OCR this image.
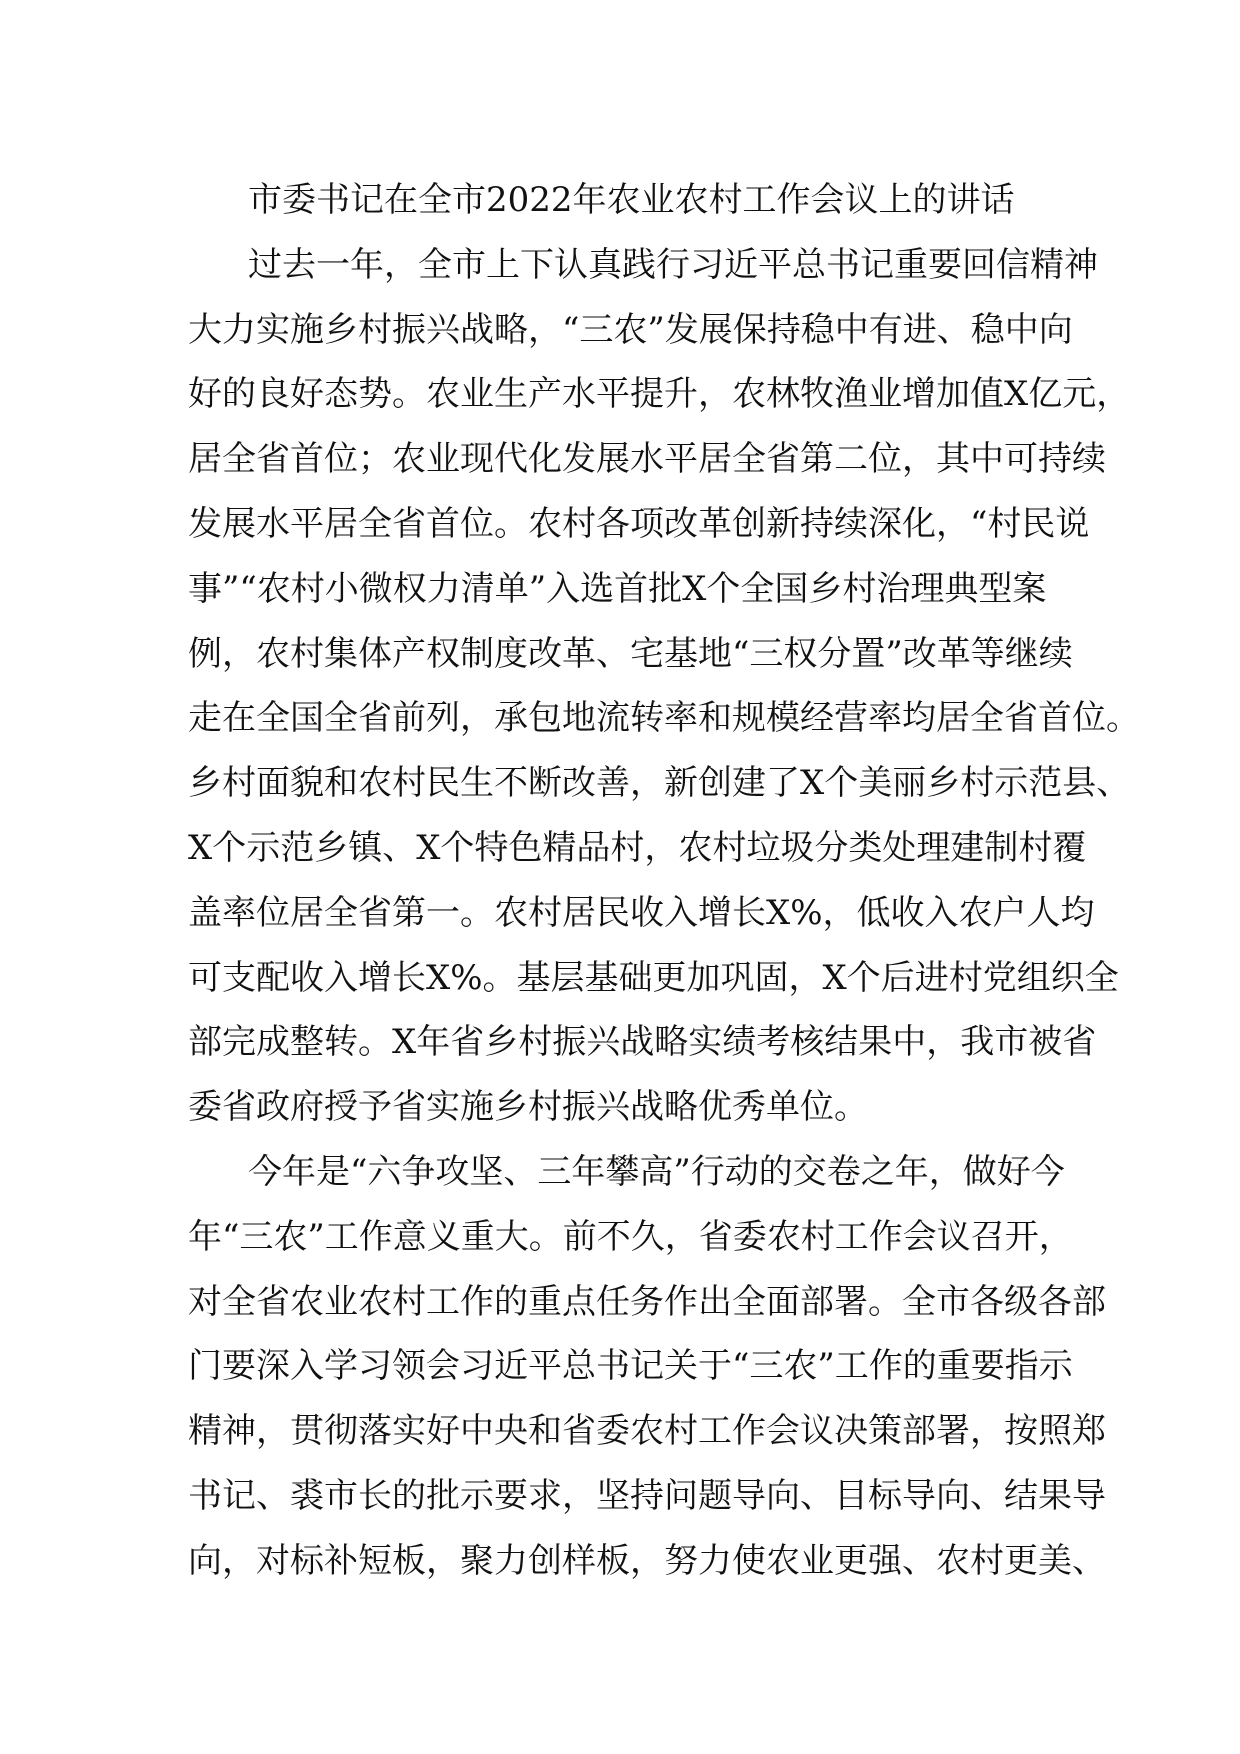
市委书记在全市2022年农业农村工作会议上的讲话
过去一年，全市上下认真践行习近平总书记重要回信精神
大力实施乡村振兴战略，“三农”发展保持稳中有进、稳中向
好的良好态势。农业生产水平提升，农林牧渔业增加值X亿元，
居全省首位；农业现代化发展水平居全省第二位，其中可持续
发展水平居全省首位。农村各项改革创新持续深化，“村民说
事”“农村小微权力清单”入选首批X个全国乡村治理典型案
例，农村集体产权制度改革、宅基地“三权分置”改革等继续
走在全国全省前列，承包地流转率和规模经营率均居全省首位。
乡村面貌和农村民生不断改善，新创建了X个美丽乡村示范县、
X个示范乡镇、X个特色精品村，农村垃圾分类处理建制村覆
盖率位居全省第一。农村居民收入增长X%，低收入农户人均
可支配收入增长X%。基层基础更加巩固，X个后进村党组织全
部完成整转。X年省乡村振兴战略实绩考核结果中，我市被省
委省政府授予省实施乡村振兴战略优秀单位。
今年是“六争攻坚、三年攀高”行动的交卷之年，做好今
年“三农”工作意义重大。前不久，省委农村工作会议召开，
对全省农业农村工作的重点任务作出全面部署。全市各级各部
门要深入学习领会习近平总书记关于“三农”工作的重要指示
精神，贯彻落实好中央和省委农村工作会议决策部署，按照郑
书记、裘市长的批示要求，坚持问题导向、目标导向、结果导
向，对标补短板，聚力创样板，努力使农业更强、农村更美、
